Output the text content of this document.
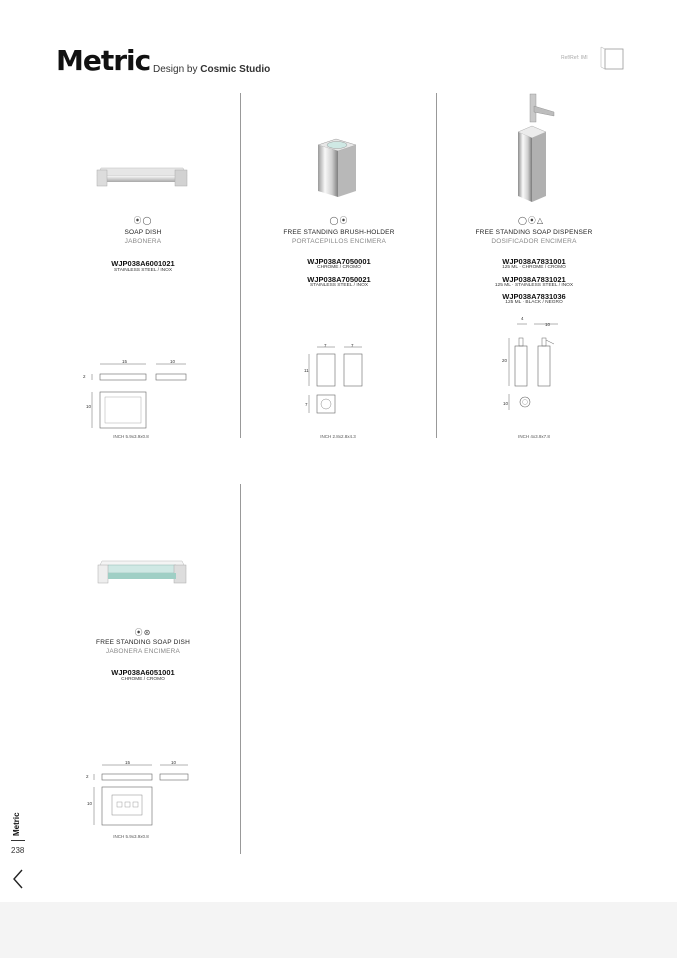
Metric Design by Cosmic Studio
Ref/Ref: IMI
⦿◯
SOAP DISH
JABONERA
WJP038A6001021
STAINLESS STEEL / INOX
15	10
2
10
INCH 5.9x3.9x0.8
◯⦿
FREE STANDING BRUSH-HOLDER
PORTACEPILLOS ENCIMERA
WJP038A7050001
CHROME / CROMO
WJP038A7050021
STAINLESS STEEL / INOX
7	7
11
7
INCH 2.8x2.8x4.3
◯⦿△
FREE STANDING SOAP DISPENSER
DOSIFICADOR ENCIMERA
WJP038A7831001
125 ML · CHROME / CROMO
WJP038A7831021
125 ML · STAINLESS STEEL / INOX
WJP038A7831036
125 ML · BLACK / NEGRO
4
10
20
10
INCH 4x3.9x7.8
⦿⊛
FREE STANDING SOAP DISH
JABONERA ENCIMERA
WJP038A6051001
CHROME / CROMO
15	10
2
10
INCH 5.9x3.9x0.8
Metric
238
